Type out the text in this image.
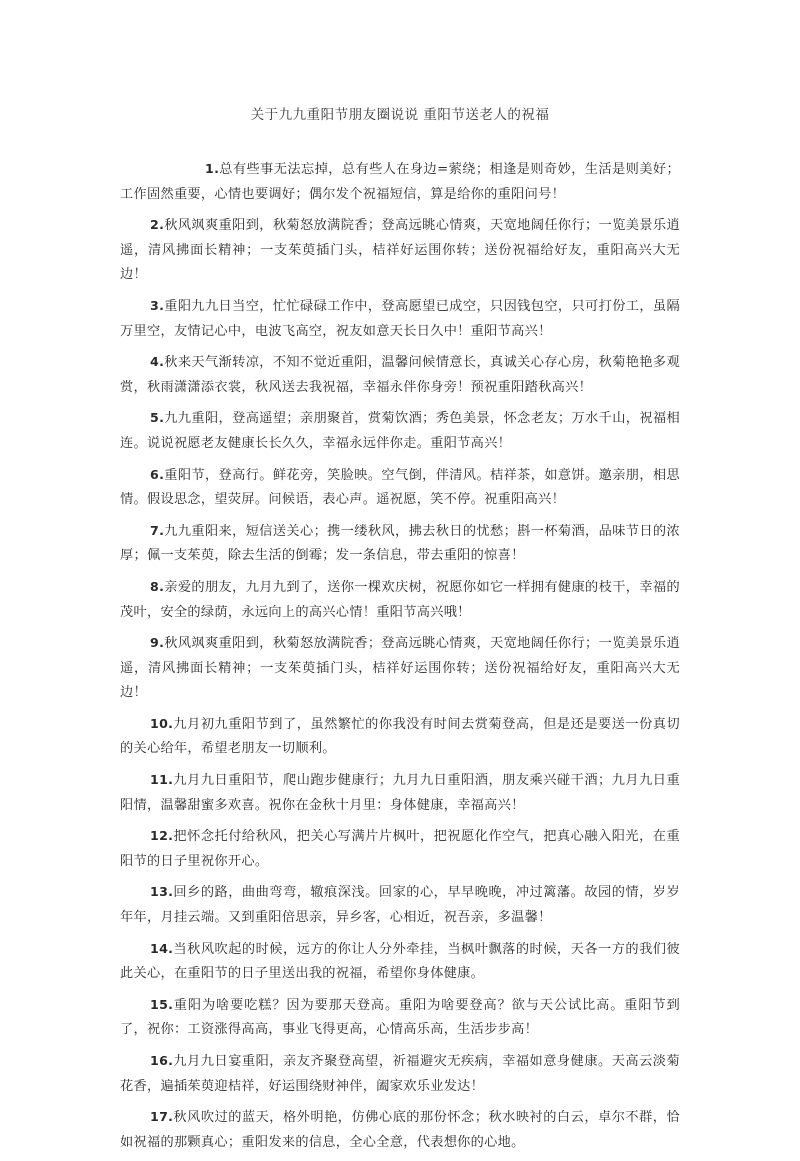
关于九九重阳节朋友圈说说 重阳节送老人的祝福

1.总有些事无法忘掉，总有些人在身边=萦绕；相逢是则奇妙，生活是则美好；工作固然重要，心情也要调好；偶尔发个祝福短信，算是给你的重阳问号！

2.秋风飒爽重阳到，秋菊怒放满院香；登高远眺心情爽，天宽地阔任你行；一览美景乐逍遥，清风拂面长精神；一支茱萸插门头，桔祥好运围你转；送份祝福给好友，重阳高兴大无边！

3.重阳九九日当空，忙忙碌碌工作中，登高愿望已成空，只因钱包空，只可打份工，虽隔万里空，友情记心中，电波飞高空，祝友如意天长日久中！重阳节高兴！

4.秋来天气渐转凉，不知不觉近重阳，温馨问候情意长，真诚关心存心房，秋菊艳艳多观赏，秋雨潇潇添衣裳，秋风送去我祝福，幸福永伴你身旁！预祝重阳踏秋高兴！

5.九九重阳，登高遥望；亲朋聚首，赏菊饮酒；秀色美景，怀念老友；万水千山，祝福相连。说说祝愿老友健康长长久久，幸福永远伴你走。重阳节高兴！

6.重阳节，登高行。鲜花旁，笑脸映。空气倒，伴清风。桔祥茶，如意饼。邀亲朋，相思情。假设思念，望荧屏。问候语，表心声。遥祝愿，笑不停。祝重阳高兴！

7.九九重阳来，短信送关心；携一缕秋风，拂去秋日的忧愁；斟一杯菊酒，品味节日的浓厚；佩一支茱萸，除去生活的倒霉；发一条信息，带去重阳的惊喜！

8.亲爱的朋友，九月九到了，送你一棵欢庆树，祝愿你如它一样拥有健康的枝干，幸福的茂叶，安全的绿荫，永远向上的高兴心情！重阳节高兴哦！

9.秋风飒爽重阳到，秋菊怒放满院香；登高远眺心情爽，天宽地阔任你行；一览美景乐逍遥，清风拂面长精神；一支茱萸插门头，桔祥好运围你转；送份祝福给好友，重阳高兴大无边！

10.九月初九重阳节到了，虽然繁忙的你我没有时间去赏菊登高，但是还是要送一份真切的关心给年，希望老朋友一切顺利。

11.九月九日重阳节，爬山跑步健康行；九月九日重阳酒，朋友乘兴碰干酒；九月九日重阳情，温馨甜蜜多欢喜。祝你在金秋十月里：身体健康，幸福高兴！

12.把怀念托付给秋风，把关心写满片片枫叶，把祝愿化作空气，把真心融入阳光，在重阳节的日子里祝你开心。

13.回乡的路，曲曲弯弯，辙痕深浅。回家的心，早早晚晚，冲过篱藩。故园的情，岁岁年年，月挂云端。又到重阳倍思亲，异乡客，心相近，祝吾亲，多温馨！

14.当秋风吹起的时候，远方的你让人分外牵挂，当枫叶飘落的时候，天各一方的我们彼此关心，在重阳节的日子里送出我的祝福，希望你身体健康。

15.重阳为啥要吃糕？因为要那天登高。重阳为啥要登高？欲与天公试比高。重阳节到了，祝你：工资涨得高高，事业飞得更高，心情高乐高，生活步步高！

16.九月九日宴重阳，亲友齐聚登高望，祈福避灾无疾病，幸福如意身健康。天高云淡菊花香，遍插茱萸迎桔祥，好运围绕财神伴，阖家欢乐业发达！

17.秋风吹过的蓝天，格外明艳，仿佛心底的那份怀念；秋水映衬的白云，卓尔不群，恰如祝福的那颗真心；重阳发来的信息，全心全意，代表想你的心地。
